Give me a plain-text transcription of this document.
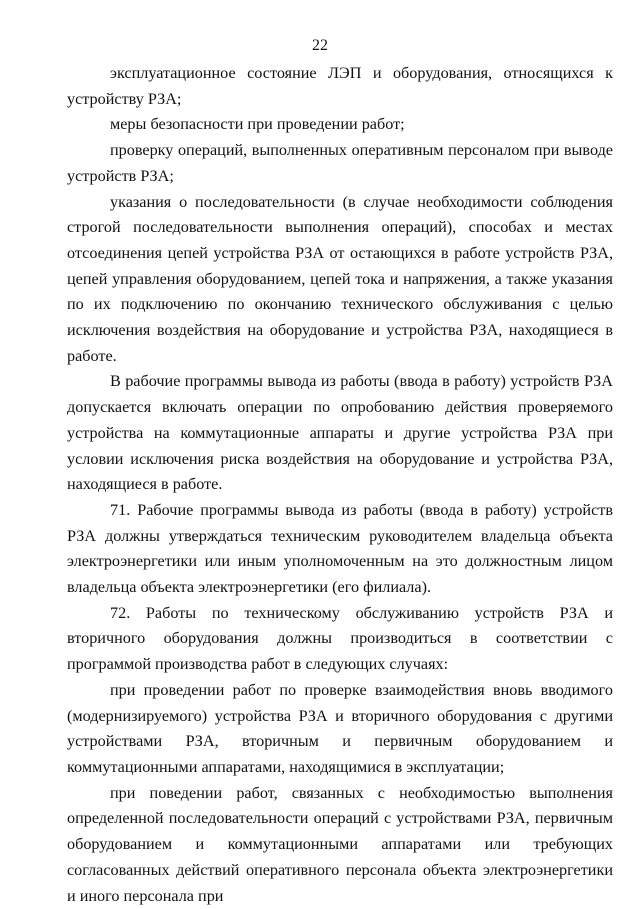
22

эксплуатационное состояние ЛЭП и оборудования, относящихся к устройству РЗА;

меры безопасности при проведении работ;

проверку операций, выполненных оперативным персоналом при выводе устройств РЗА;

указания о последовательности (в случае необходимости соблюдения строгой последовательности выполнения операций), способах и местах отсоединения цепей устройства РЗА от остающихся в работе устройств РЗА, цепей управления оборудованием, цепей тока и напряжения, а также указания по их подключению по окончанию технического обслуживания с целью исключения воздействия на оборудование и устройства РЗА, находящиеся в работе.

В рабочие программы вывода из работы (ввода в работу) устройств РЗА допускается включать операции по опробованию действия проверяемого устройства на коммутационные аппараты и другие устройства РЗА при условии исключения риска воздействия на оборудование и устройства РЗА, находящиеся в работе.

71. Рабочие программы вывода из работы (ввода в работу) устройств РЗА должны утверждаться техническим руководителем владельца объекта электроэнергетики или иным уполномоченным на это должностным лицом владельца объекта электроэнергетики (его филиала).

72. Работы по техническому обслуживанию устройств РЗА и вторичного оборудования должны производиться в соответствии с программой производства работ в следующих случаях:

при проведении работ по проверке взаимодействия вновь вводимого (модернизируемого) устройства РЗА и вторичного оборудования с другими устройствами РЗА, вторичным и первичным оборудованием и коммутационными аппаратами, находящимися в эксплуатации;

при поведении работ, связанных с необходимостью выполнения определенной последовательности операций с устройствами РЗА, первичным оборудованием и коммутационными аппаратами или требующих согласованных действий оперативного персонала объекта электроэнергетики и иного персонала при
